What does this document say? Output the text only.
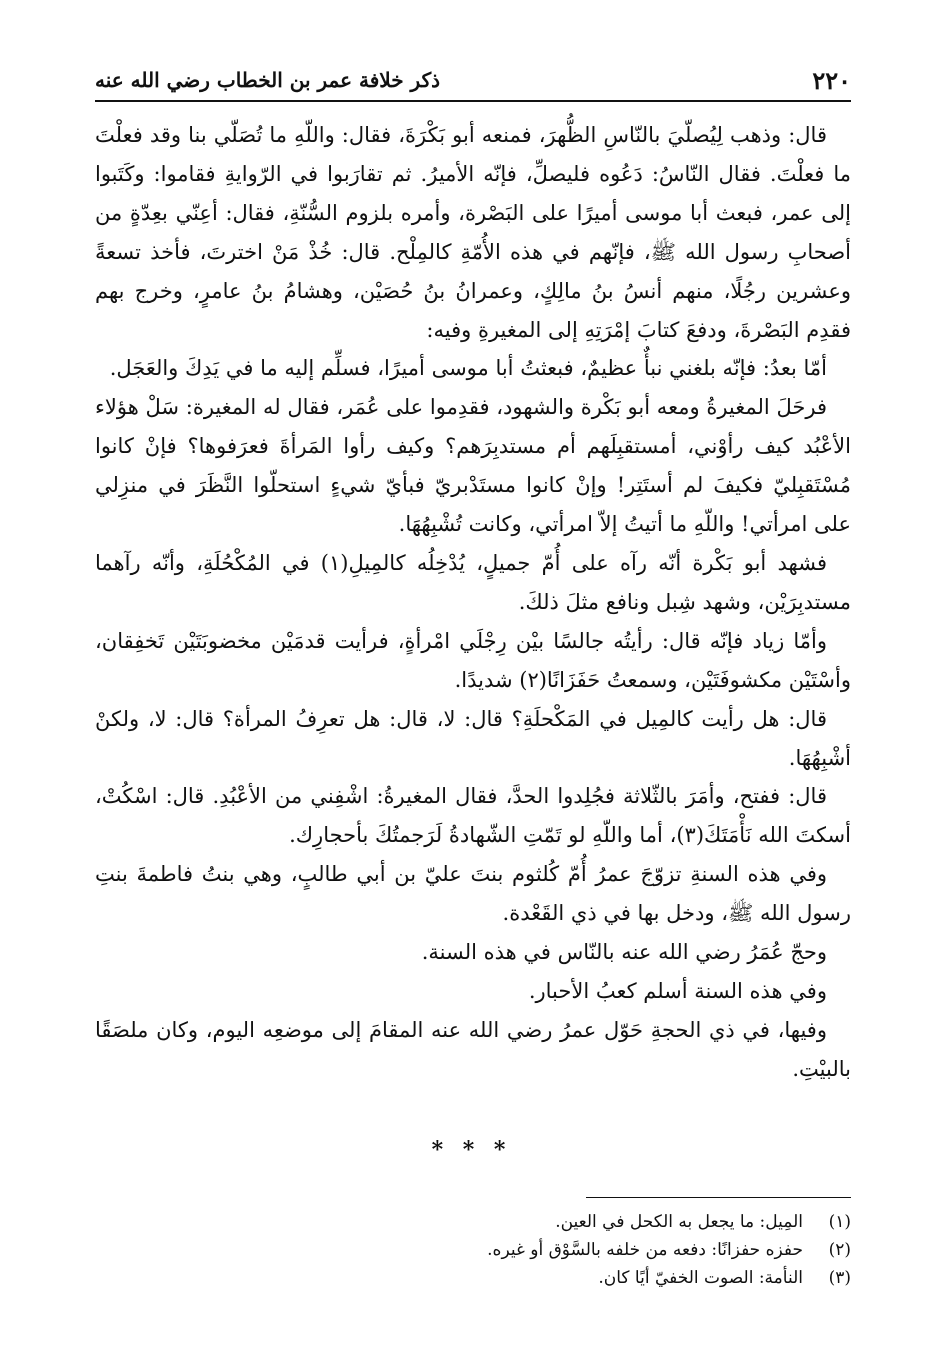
٢٢٠
ذكر خلافة عمر بن الخطاب رضي الله عنه

قال: وذهب لِيُصلّيَ بالنّاسِ الظُّهرَ، فمنعه أبو بَكْرَةَ، فقال: واللّهِ ما تُصَلّي بنا وقد فعلْتَ ما فعلْتَ. فقال النّاسُ: دَعُوه فليصلِّ، فإنّه الأميرُ. ثم تقارَبوا في الرّوايةِ فقاموا: وكَتَبوا إلى عمر، فبعث أبا موسى أميرًا على البَصْرة، وأمره بلزوم السُّنّةِ، فقال: أعِنّي بعِدّةٍ من أصحابِ رسول الله ﷺ، فإنّهم في هذه الأُمّةِ كالمِلْح. قال: خُذْ مَنْ اخترتَ، فأخذ تسعةً وعشرين رجُلًا، منهم أنسُ بنُ مالِكٍ، وعمرانُ بنُ حُصَيْن، وهشامُ بنُ عامرٍ، وخرج بهم فقدِم البَصْرةَ، ودفعَ كتابَ إمْرَتِهِ إلى المغيرةِ وفيه:

أمّا بعدُ: فإنّه بلغني نبأٌ عظيمٌ، فبعثتُ أبا موسى أميرًا، فسلِّم إليه ما في يَدِكَ والعَجَل.

فرحَلَ المغيرةُ ومعه أبو بَكْرة والشهود، فقدِموا على عُمَر، فقال له المغيرة: سَلْ هؤلاء الأعْبُد كيف رأوْني، أمستقبِلَهم أم مستدبِرَهم؟ وكيف رأوا المَرأةَ فعرَفوها؟ فإنْ كانوا مُسْتَقبِليّ فكيفَ لم أستَتِر! وإنْ كانوا مستَدْبريّ فبأيّ شيءٍ استحلّوا النَّظَرَ في منزِلي على امرأتي! واللّهِ ما أتيتُ إلاّ امرأتي، وكانت تُشْبِهُهَا.

فشهد أبو بَكْرة أنّه رآه على أُمّ جميلٍ، يُدْخِلُه كالمِيلِ(١) في المُكْحُلَةِ، وأنّه رآهما مستدبِرَيْن، وشهد شِبل ونافع مثلَ ذلكَ.

وأمّا زياد فإنّه قال: رأيتُه جالسًا بيْن رِجْلَي امْرأةٍ، فرأيت قدمَيْن مخضوبَتَيْن تَخفِقان، وأسْتَيْن مكشوفَتَيْن، وسمعتُ حَفَزَانًا(٢) شديدًا.

قال: هل رأيت كالمِيل في المَكْحلَةِ؟ قال: لا، قال: هل تعرِفُ المرأة؟ قال: لا، ولكنْ أشْبِهُهَا.

قال: ففتح، وأمَرَ بالثّلاثة فجُلِدوا الحدَّ، فقال المغيرةُ: اشْفِني من الأعْبُدِ. قال: اسْكُتْ، أسكتَ الله نَأْمَتَكَ(٣)، أما واللّهِ لو تَمّتِ الشّهادةُ لَرَجمتُكَ بأحجارِك.

وفي هذه السنةِ تزوّجَ عمرُ أُمّ كُلثوم بنتَ عليّ بن أبي طالبٍ، وهي بنتُ فاطمةَ بنتِ رسول الله ﷺ، ودخل بها في ذي القَعْدة.

وحجّ عُمَرُ رضي الله عنه بالنّاس في هذه السنة.

وفي هذه السنة أسلم كعبُ الأحبار.

وفيها، في ذي الحجةِ حَوّل عمرُ رضي الله عنه المقامَ إلى موضعِه اليوم، وكان ملصَقًا بالبيْتِ.

* * *
(١)المِيل: ما يجعل به الكحل في العين.
(٢)حفزه حفزانًا: دفعه من خلفه بالسَّوْق أو غيره.
(٣)النأمة: الصوت الخفيّ أيًا كان.
